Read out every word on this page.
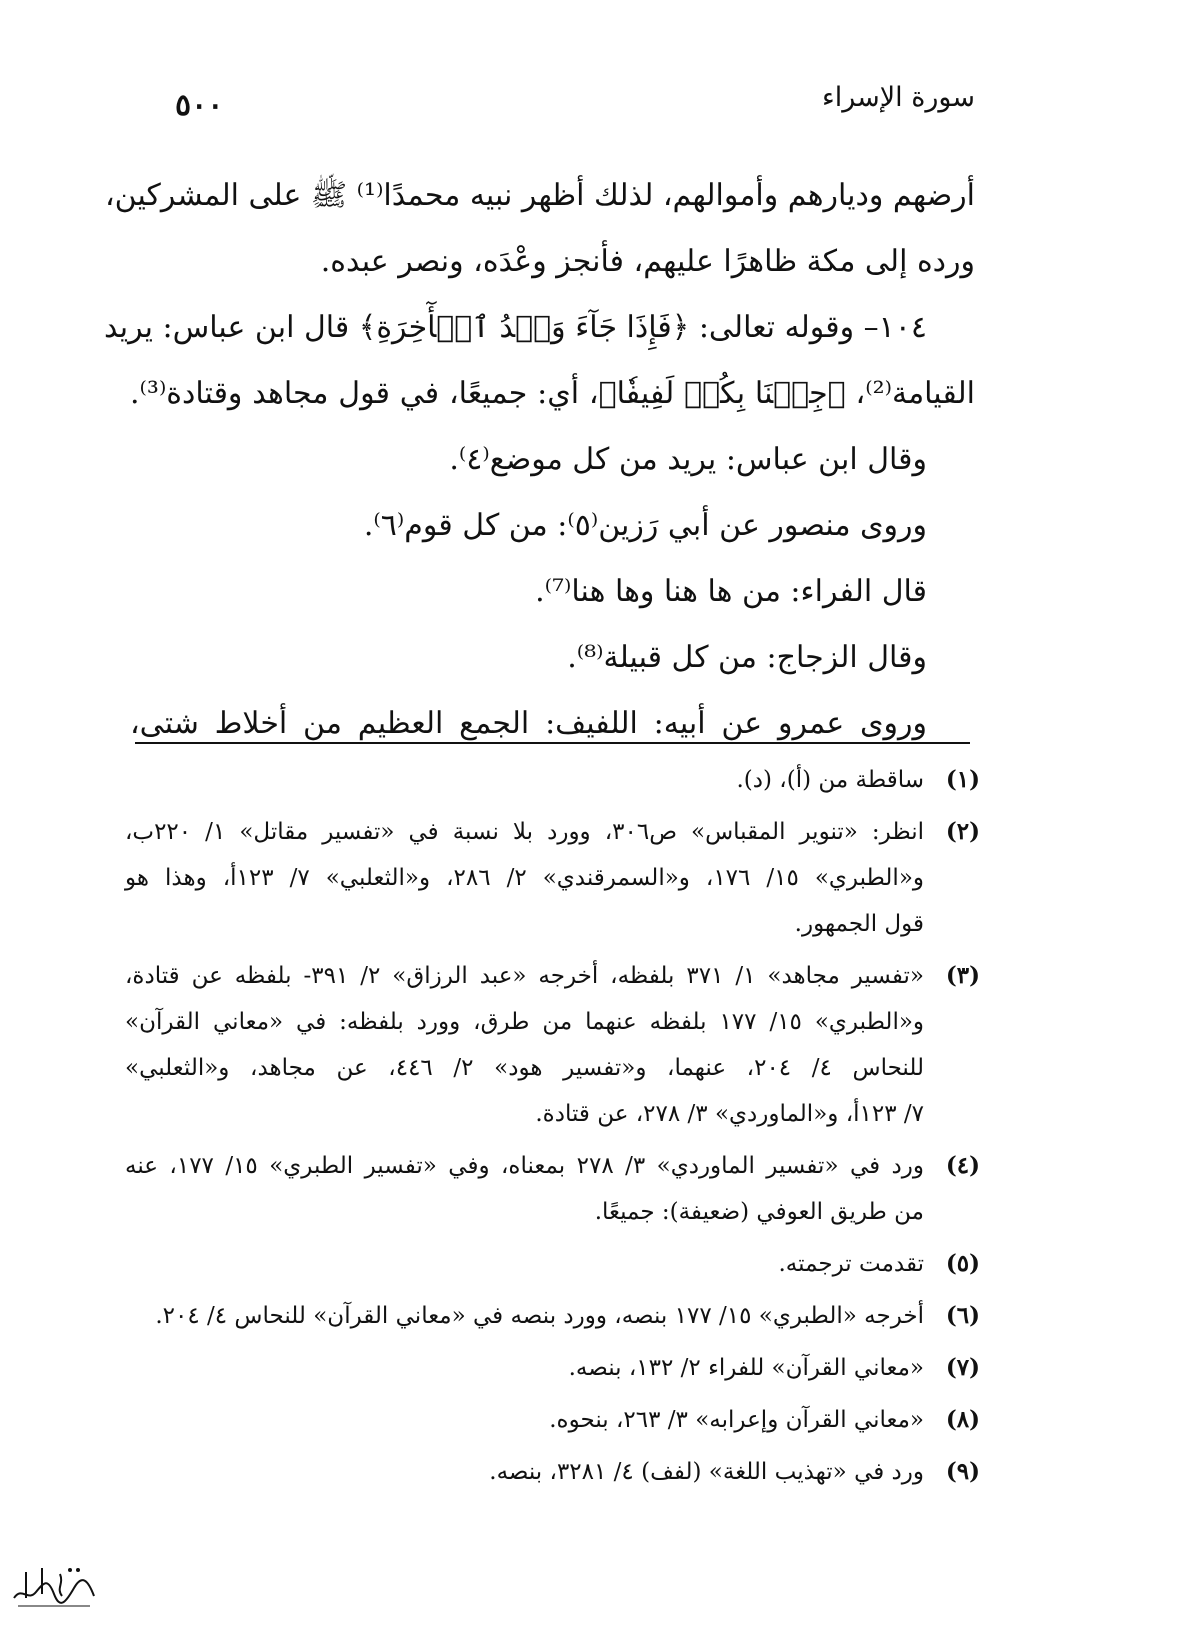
سورة الإسراء
٥٠٠
أرضهم وديارهم وأموالهم، لذلك أظهر نبيه محمدًا⁽¹⁾ ﷺ على المشركين،
ورده إلى مكة ظاهرًا عليهم، فأنجز وعْدَه، ونصر عبده.
١٠٤– وقوله تعالى: ﴿فَإِذَا جَآءَ وَعۡدُ ٱلۡأٓخِرَةِ﴾ قال ابن عباس: يريد
القيامة⁽²⁾، ﴿جِئۡنَا بِكُمۡ لَفِيفٗا﴾، أي: جميعًا، في قول مجاهد وقتادة⁽³⁾.
وقال ابن عباس: يريد من كل موضع⁽٤⁾.
وروى منصور عن أبي رَزين⁽٥⁾: من كل قوم⁽٦⁾.
قال الفراء: من ها هنا وها هنا⁽⁷⁾.
وقال الزجاج: من كل قبيلة⁽⁸⁾.
وروى عمرو عن أبيه: اللفيف: الجمع العظيم من أخلاط شتى،
(١)
ساقطة من (أ)، (د).
(٢)
انظر: «تنوير المقباس» ص٣٠٦، وورد بلا نسبة في «تفسير مقاتل» ١/ ٢٢٠ب،
و«الطبري» ١٥/ ١٧٦، و«السمرقندي» ٢/ ٢٨٦، و«الثعلبي» ٧/ ١٢٣أ، وهذا هو
قول الجمهور.
(٣)
«تفسير مجاهد» ١/ ٣٧١ بلفظه، أخرجه «عبد الرزاق» ٢/ ٣٩١- بلفظه عن قتادة،
و«الطبري» ١٥/ ١٧٧ بلفظه عنهما من طرق، وورد بلفظه: في «معاني القرآن»
للنحاس ٤/ ٢٠٤، عنهما، و«تفسير هود» ٢/ ٤٤٦، عن مجاهد، و«الثعلبي»
٧/ ١٢٣أ، و«الماوردي» ٣/ ٢٧٨، عن قتادة.
(٤)
ورد في «تفسير الماوردي» ٣/ ٢٧٨ بمعناه، وفي «تفسير الطبري» ١٥/ ١٧٧، عنه
من طريق العوفي (ضعيفة): جميعًا.
(٥)
تقدمت ترجمته.
(٦)
أخرجه «الطبري» ١٥/ ١٧٧ بنصه، وورد بنصه في «معاني القرآن» للنحاس ٤/ ٢٠٤.
(٧)
«معاني القرآن» للفراء ٢/ ١٣٢، بنصه.
(٨)
«معاني القرآن وإعرابه» ٣/ ٢٦٣، بنحوه.
(٩)
ورد في «تهذيب اللغة» (لفف) ٤/ ٣٢٨١، بنصه.
